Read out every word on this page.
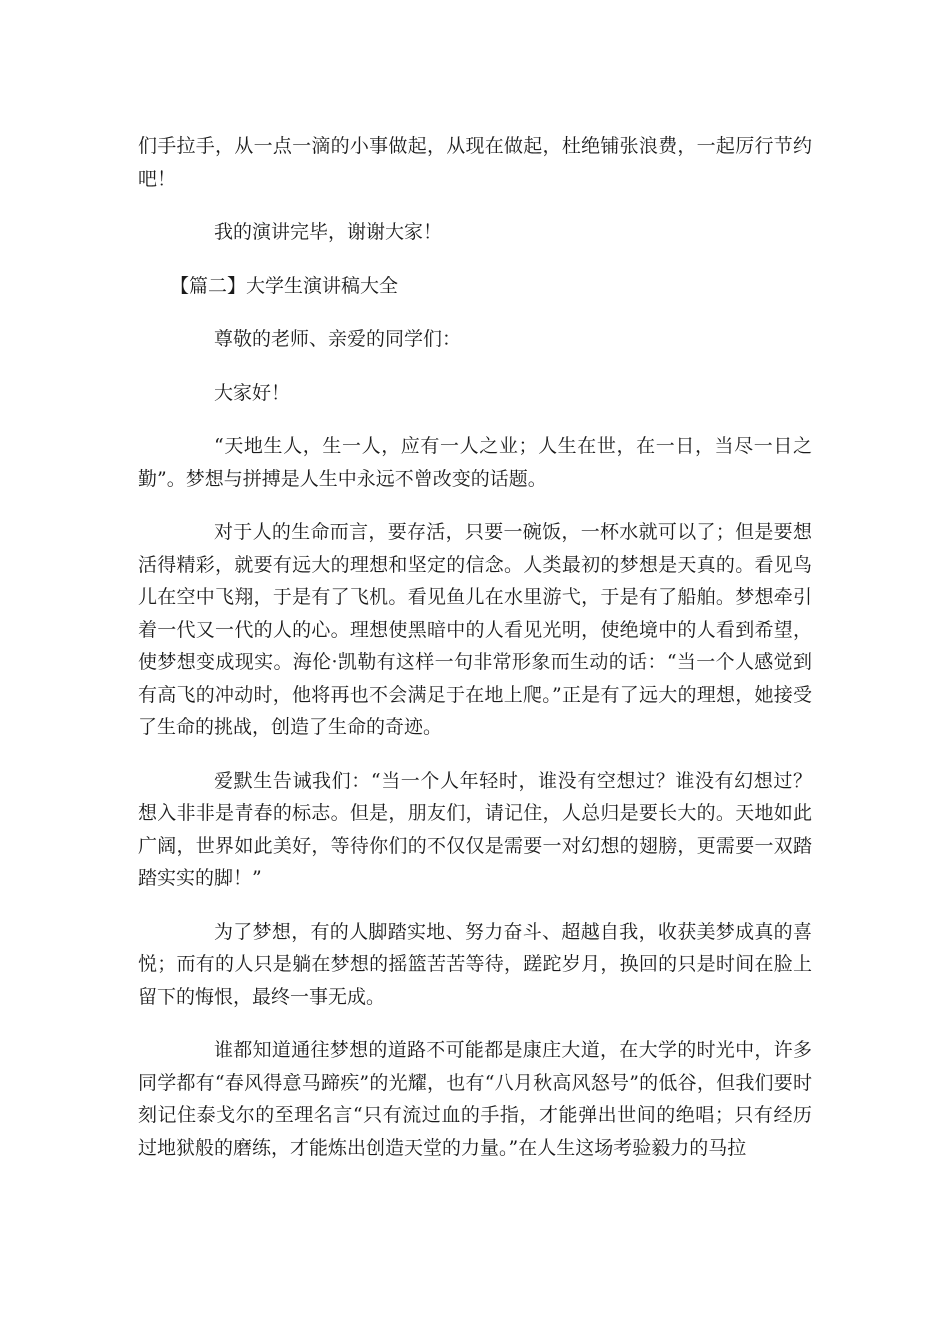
们手拉手，从一点一滴的小事做起，从现在做起，杜绝铺张浪费，一起厉行节约吧！

我的演讲完毕，谢谢大家！

【篇二】大学生演讲稿大全

尊敬的老师、亲爱的同学们：

大家好！

“天地生人，生一人，应有一人之业；人生在世，在一日，当尽一日之勤”。梦想与拼搏是人生中永远不曾改变的话题。

对于人的生命而言，要存活，只要一碗饭，一杯水就可以了；但是要想活得精彩，就要有远大的理想和坚定的信念。人类最初的梦想是天真的。看见鸟儿在空中飞翔，于是有了飞机。看见鱼儿在水里游弋，于是有了船舶。梦想牵引着一代又一代的人的心。理想使黑暗中的人看见光明，使绝境中的人看到希望，使梦想变成现实。海伦·凯勒有这样一句非常形象而生动的话：“当一个人感觉到有高飞的冲动时，他将再也不会满足于在地上爬。”正是有了远大的理想，她接受了生命的挑战，创造了生命的奇迹。

爱默生告诫我们：“当一个人年轻时，谁没有空想过？谁没有幻想过？想入非非是青春的标志。但是，朋友们，请记住，人总归是要长大的。天地如此广阔，世界如此美好，等待你们的不仅仅是需要一对幻想的翅膀，更需要一双踏踏实实的脚！”

为了梦想，有的人脚踏实地、努力奋斗、超越自我，收获美梦成真的喜悦；而有的人只是躺在梦想的摇篮苦苦等待，蹉跎岁月，换回的只是时间在脸上留下的悔恨，最终一事无成。

谁都知道通往梦想的道路不可能都是康庄大道，在大学的时光中，许多同学都有“春风得意马蹄疾”的光耀，也有“八月秋高风怒号”的低谷，但我们要时刻记住泰戈尔的至理名言“只有流过血的手指，才能弹出世间的绝唱；只有经历过地狱般的磨练，才能炼出创造天堂的力量。”在人生这场考验毅力的马拉
